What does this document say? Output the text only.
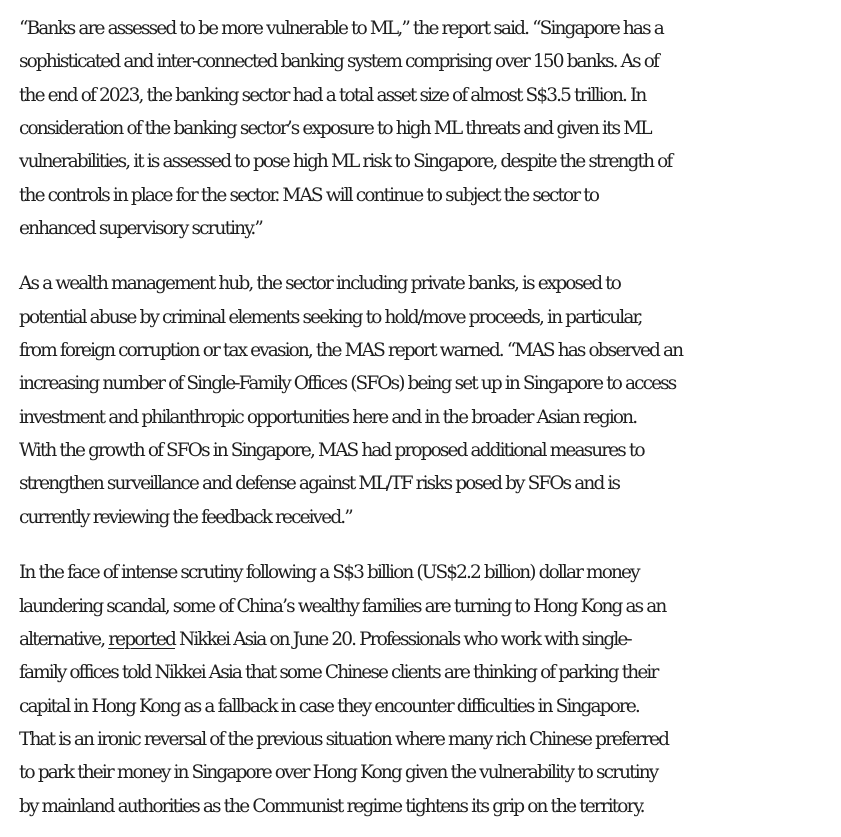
“Banks are assessed to be more vulnerable to ML,” the report said. “Singapore has a
sophisticated and inter-connected banking system comprising over 150 banks. As of
the end of 2023, the banking sector had a total asset size of almost S$3.5 trillion. In
consideration of the banking sector’s exposure to high ML threats and given its ML
vulnerabilities, it is assessed to pose high ML risk to Singapore, despite the strength of
the controls in place for the sector. MAS will continue to subject the sector to
enhanced supervisory scrutiny.”

As a wealth management hub, the sector including private banks, is exposed to
potential abuse by criminal elements seeking to hold/move proceeds, in particular,
from foreign corruption or tax evasion, the MAS report warned. “MAS has observed an
increasing number of Single-Family Offices (SFOs) being set up in Singapore to access
investment and philanthropic opportunities here and in the broader Asian region.
With the growth of SFOs in Singapore, MAS had proposed additional measures to
strengthen surveillance and defense against ML/TF risks posed by SFOs and is
currently reviewing the feedback received.”

In the face of intense scrutiny following a S$3 billion (US$2.2 billion) dollar money
laundering scandal, some of China’s wealthy families are turning to Hong Kong as an
alternative, reported Nikkei Asia on June 20. Professionals who work with single-
family offices told Nikkei Asia that some Chinese clients are thinking of parking their
capital in Hong Kong as a fallback in case they encounter difficulties in Singapore.
That is an ironic reversal of the previous situation where many rich Chinese preferred
to park their money in Singapore over Hong Kong given the vulnerability to scrutiny
by mainland authorities as the Communist regime tightens its grip on the territory.
